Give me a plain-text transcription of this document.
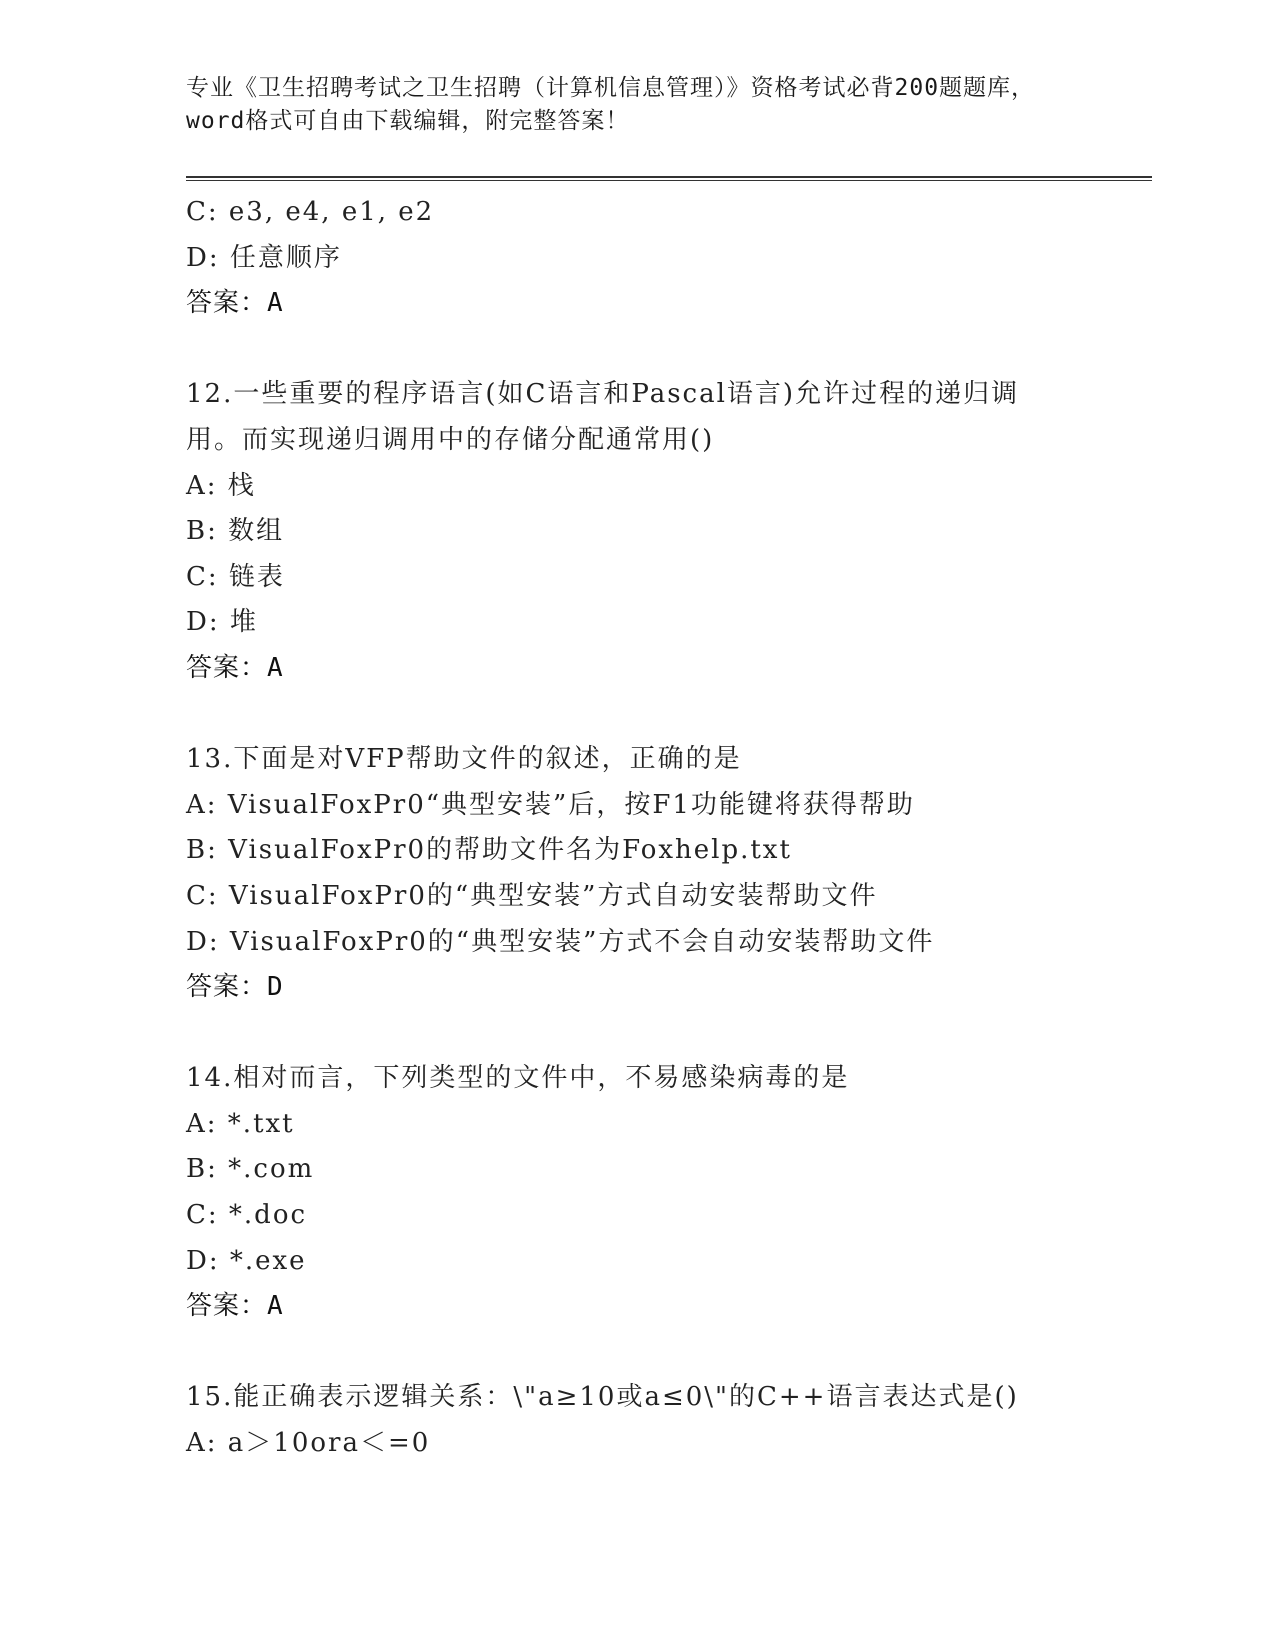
专业《卫生招聘考试之卫生招聘（计算机信息管理）》资格考试必背200题题库，
word格式可自由下载编辑，附完整答案！
C: e3, e4, e1, e2
D: 任意顺序
答案：A
12.一些重要的程序语言(如C语言和Pascal语言)允许过程的递归调
用。而实现递归调用中的存储分配通常用()
A: 栈
B: 数组
C: 链表
D: 堆
答案：A
13.下面是对VFP帮助文件的叙述，正确的是
A: VisualFoxPr0“典型安装”后，按F1功能键将获得帮助
B: VisualFoxPr0的帮助文件名为Foxhelp.txt
C: VisualFoxPr0的“典型安装”方式自动安装帮助文件
D: VisualFoxPr0的“典型安装”方式不会自动安装帮助文件
答案：D
14.相对而言，下列类型的文件中，不易感染病毒的是
A: *.txt
B: *.com
C: *.doc
D: *.exe
答案：A
15.能正确表示逻辑关系：\"a≥10或a≤0\"的C++语言表达式是()
A: a＞10ora＜=0
